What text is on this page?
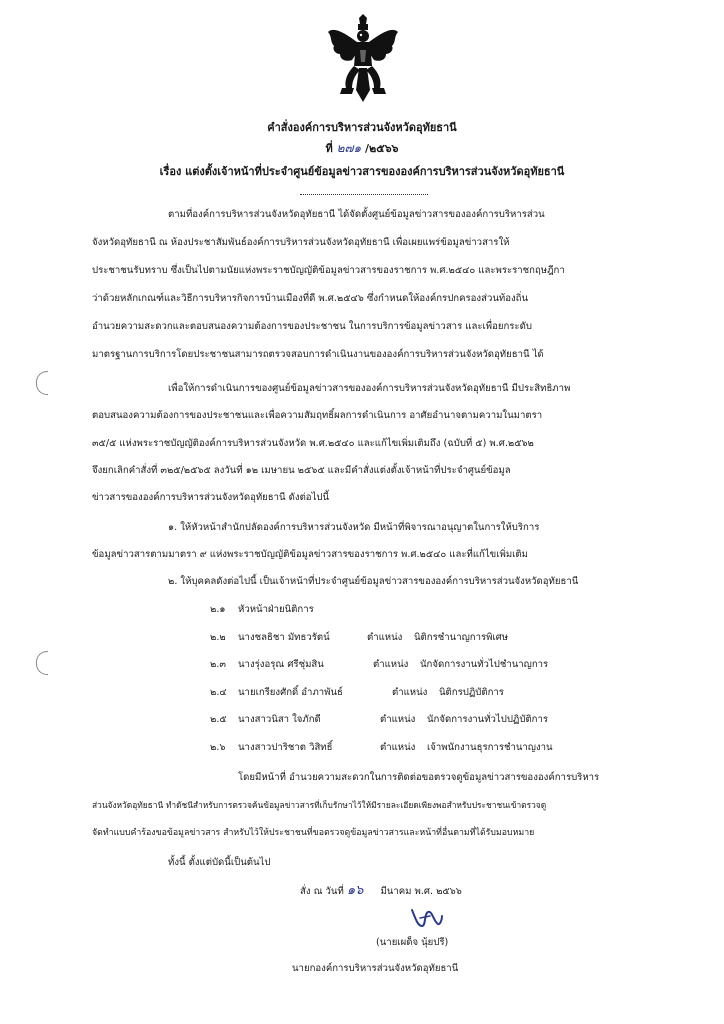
คำสั่งองค์การบริหารส่วนจังหวัดอุทัยธานี
ที่ ๒๗๑ /๒๕๖๖
เรื่อง แต่งตั้งเจ้าหน้าที่ประจำศูนย์ข้อมูลข่าวสารขององค์การบริหารส่วนจังหวัดอุทัยธานี
ตามที่องค์การบริหารส่วนจังหวัดอุทัยธานี ได้จัดตั้งศูนย์ข้อมูลข่าวสารขององค์การบริหารส่วน
จังหวัดอุทัยธานี ณ ห้องประชาสัมพันธ์องค์การบริหารส่วนจังหวัดอุทัยธานี เพื่อเผยแพร่ข้อมูลข่าวสารให้
ประชาชนรับทราบ ซึ่งเป็นไปตามนัยแห่งพระราชบัญญัติข้อมูลข่าวสารของราชการ พ.ศ.๒๕๔๐ และพระราชกฤษฎีกา
ว่าด้วยหลักเกณฑ์และวิธีการบริหารกิจการบ้านเมืองที่ดี พ.ศ.๒๕๔๖ ซึ่งกำหนดให้องค์กรปกครองส่วนท้องถิ่น
อำนวยความสะดวกและตอบสนองความต้องการของประชาชน ในการบริการข้อมูลข่าวสาร และเพื่อยกระดับ
มาตรฐานการบริการโดยประชาชนสามารถตรวจสอบการดำเนินงานขององค์การบริหารส่วนจังหวัดอุทัยธานี ได้
เพื่อให้การดำเนินการของศูนย์ข้อมูลข่าวสารขององค์การบริหารส่วนจังหวัดอุทัยธานี มีประสิทธิภาพ
ตอบสนองความต้องการของประชาชนและเพื่อความสัมฤทธิ์ผลการดำเนินการ อาศัยอำนาจตามความในมาตรา
๓๕/๕ แห่งพระราชบัญญัติองค์การบริหารส่วนจังหวัด พ.ศ.๒๕๔๐ และแก้ไขเพิ่มเติมถึง (ฉบับที่ ๕) พ.ศ.๒๕๖๒
จึงยกเลิกคำสั่งที่ ๓๒๕/๒๕๖๕ ลงวันที่ ๑๒ เมษายน ๒๕๖๕ และมีคำสั่งแต่งตั้งเจ้าหน้าที่ประจำศูนย์ข้อมูล
ข่าวสารขององค์การบริหารส่วนจังหวัดอุทัยธานี ดังต่อไปนี้
๑. ให้หัวหน้าสำนักปลัดองค์การบริหารส่วนจังหวัด มีหน้าที่พิจารณาอนุญาตในการให้บริการ
ข้อมูลข่าวสารตามมาตรา ๙ แห่งพระราชบัญญัติข้อมูลข่าวสารของราชการ พ.ศ.๒๕๔๐ และที่แก้ไขเพิ่มเติม
๒. ให้บุคคลดังต่อไปนี้ เป็นเจ้าหน้าที่ประจำศูนย์ข้อมูลข่าวสารขององค์การบริหารส่วนจังหวัดอุทัยธานี
๒.๑ หัวหน้าฝ่ายนิติการ
๒.๒ นางชลธิชา มัทธวรัตน์	ตำแหน่ง นิติกรชำนาญการพิเศษ
๒.๓ นางรุ่งอรุณ ศรีชุ่มสิน	ตำแหน่ง นักจัดการงานทั่วไปชำนาญการ
๒.๔ นายเกรียงศักดิ์ อำภาพันธ์	ตำแหน่ง นิติกรปฏิบัติการ
๒.๕ นางสาวนิสา ใจภักดี	ตำแหน่ง นักจัดการงานทั่วไปปฏิบัติการ
๒.๖ นางสาวปาริชาต วิสิทธิ์	ตำแหน่ง เจ้าพนักงานธุรการชำนาญงาน
โดยมีหน้าที่ อำนวยความสะดวกในการติดต่อขอตรวจดูข้อมูลข่าวสารขององค์การบริหาร
ส่วนจังหวัดอุทัยธานี ทำดัชนีสำหรับการตรวจค้นข้อมูลข่าวสารที่เก็บรักษาไว้ให้มีรายละเอียดเพียงพอสำหรับประชาชนเข้าตรวจดู
จัดทำแบบคำร้องขอข้อมูลข่าวสาร สำหรับไว้ให้ประชาชนที่ขอตรวจดูข้อมูลข่าวสารและหน้าที่อื่นตามที่ได้รับมอบหมาย
ทั้งนี้ ตั้งแต่บัดนี้เป็นต้นไป
สั่ง ณ วันที่ ๑๖ มีนาคม พ.ศ. ๒๕๖๖
(นายเผด็จ นุ้ยปรี)
นายกองค์การบริหารส่วนจังหวัดอุทัยธานี
